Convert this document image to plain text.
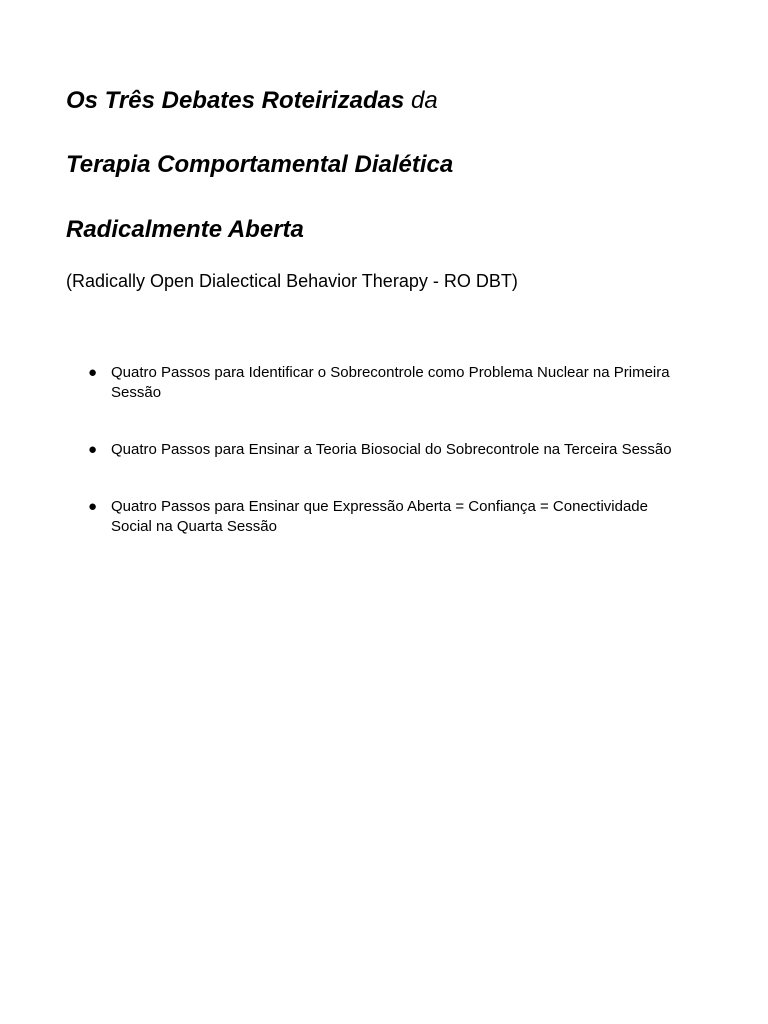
Os Três Debates Roteirizadas da
Terapia Comportamental Dialética
Radicalmente Aberta

(Radically Open Dialectical Behavior Therapy - RO DBT)

● Quatro Passos para Identificar o Sobrecontrole como Problema Nuclear na Primeira Sessão
● Quatro Passos para Ensinar a Teoria Biosocial do Sobrecontrole na Terceira Sessão
● Quatro Passos para Ensinar que Expressão Aberta = Confiança = Conectividade Social na Quarta Sessão
